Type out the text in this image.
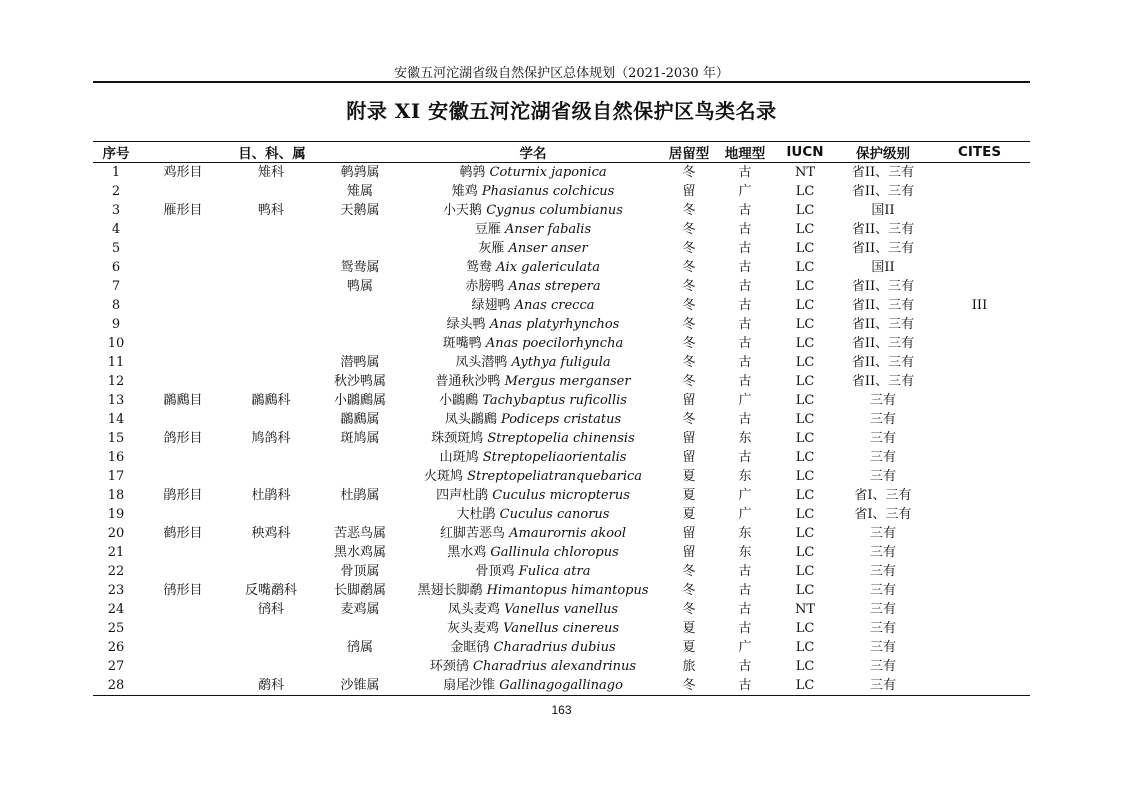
安徽五河沱湖省级自然保护区总体规划（2021-2030 年）
附录 XI 安徽五河沱湖省级自然保护区鸟类名录
序号	目、科、属			学名	居留型	地理型	IUCN	保护级别	CITES
1	鸡形目	雉科	鹌鹑属	鹌鹑 Coturnix japonica	冬	古	NT	省II、三有	
2			雉属	雉鸡 Phasianus colchicus	留	广	LC	省II、三有	
3	雁形目	鸭科	天鹅属	小天鹅 Cygnus columbianus	冬	古	LC	国II	
4				豆雁 Anser fabalis	冬	古	LC	省II、三有	
5				灰雁 Anser anser	冬	古	LC	省II、三有	
6			鸳鸯属	鸳鸯 Aix galericulata	冬	古	LC	国II	
7			鸭属	赤膀鸭 Anas strepera	冬	古	LC	省II、三有	
8				绿翅鸭 Anas crecca	冬	古	LC	省II、三有	III
9				绿头鸭 Anas platyrhynchos	冬	古	LC	省II、三有	
10				斑嘴鸭 Anas poecilorhyncha	冬	古	LC	省II、三有	
11			潜鸭属	凤头潜鸭 Aythya fuligula	冬	古	LC	省II、三有	
12			秋沙鸭属	普通秋沙鸭 Mergus merganser	冬	古	LC	省II、三有	
13	鸊鷉目	鸊鷉科	小鸊鷉属	小鸊鷉 Tachybaptus ruficollis	留	广	LC	三有	
14			鸊鷉属	凤头鸊鷉 Podiceps cristatus	冬	古	LC	三有	
15	鸽形目	鸠鸽科	斑鸠属	珠颈斑鸠 Streptopelia chinensis	留	东	LC	三有	
16				山斑鸠 Streptopeliaorientalis	留	古	LC	三有	
17				火斑鸠 Streptopeliatranquebarica	夏	东	LC	三有	
18	鹃形目	杜鹃科	杜鹃属	四声杜鹃 Cuculus micropterus	夏	广	LC	省I、三有	
19				大杜鹃 Cuculus canorus	夏	广	LC	省I、三有	
20	鹤形目	秧鸡科	苦恶鸟属	红脚苦恶鸟 Amaurornis akool	留	东	LC	三有	
21			黑水鸡属	黑水鸡 Gallinula chloropus	留	东	LC	三有	
22			骨顶属	骨顶鸡 Fulica atra	冬	古	LC	三有	
23	鸻形目	反嘴鹬科	长脚鹬属	黑翅长脚鹬 Himantopus himantopus	冬	古	LC	三有	
24		鸻科	麦鸡属	凤头麦鸡 Vanellus vanellus	冬	古	NT	三有	
25				灰头麦鸡 Vanellus cinereus	夏	古	LC	三有	
26			鸻属	金眶鸻 Charadrius dubius	夏	广	LC	三有	
27				环颈鸻 Charadrius alexandrinus	旅	古	LC	三有	
28		鹬科	沙锥属	扇尾沙锥 Gallinagogallinago	冬	古	LC	三有	
163
